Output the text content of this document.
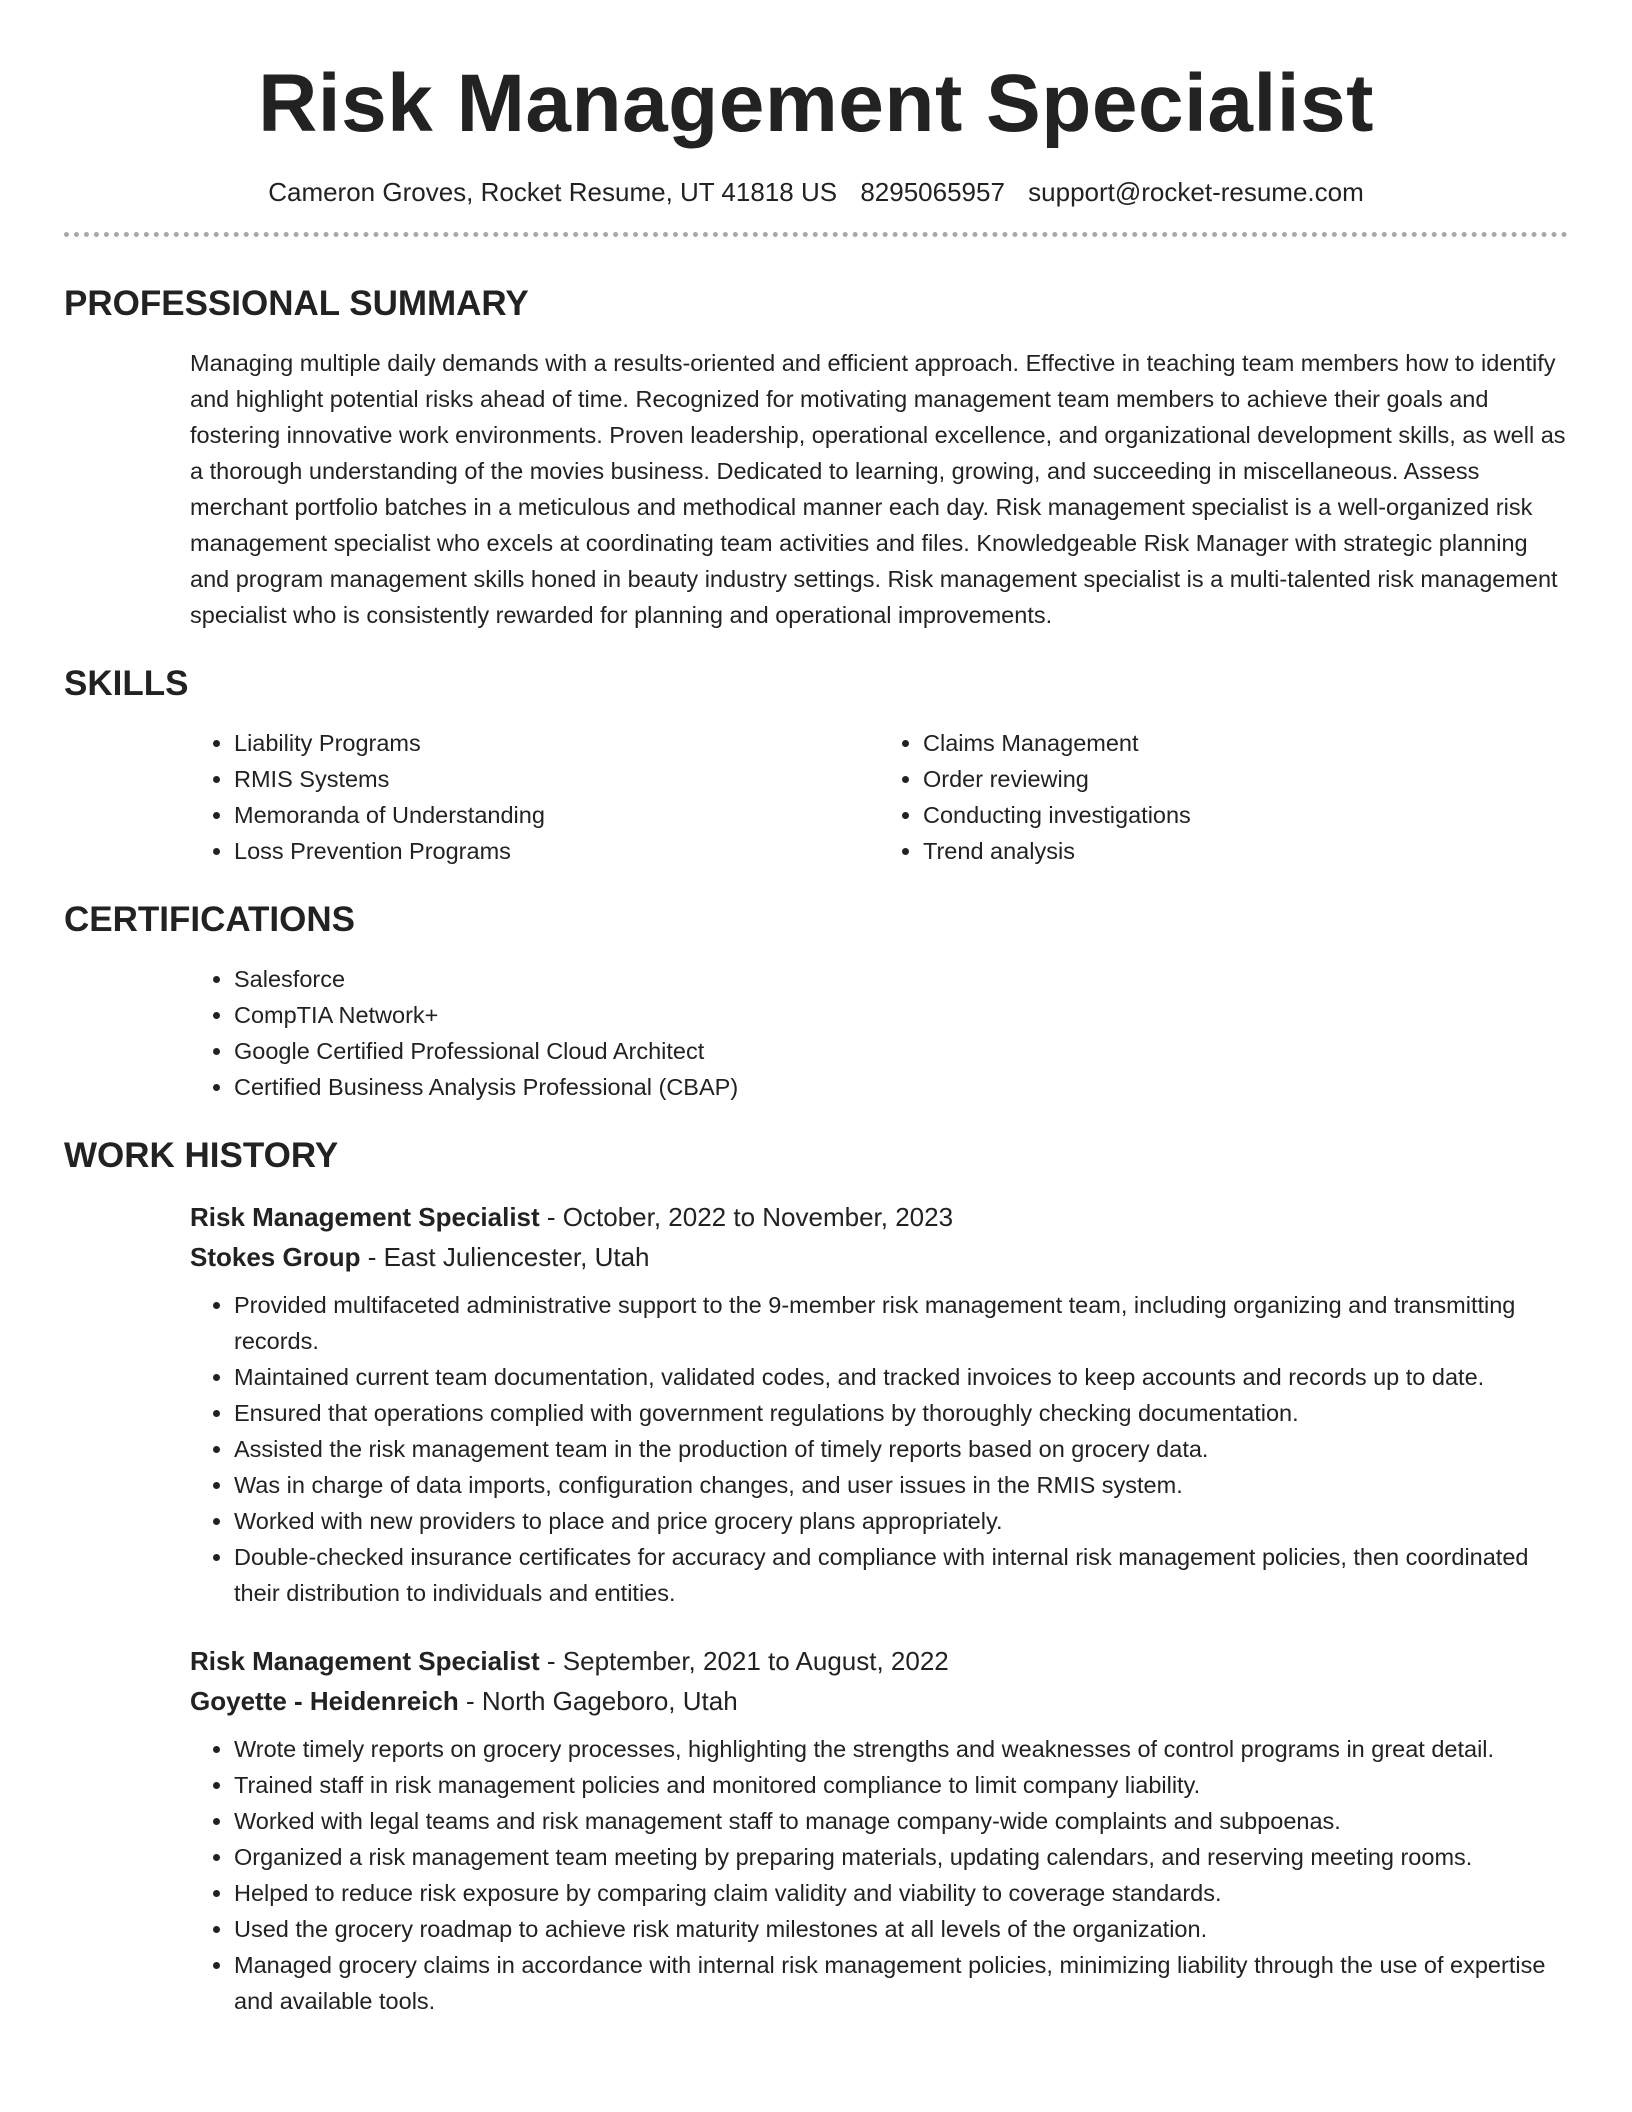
Risk Management Specialist
Cameron Groves, Rocket Resume, UT 41818 US 8295065957 support@rocket-resume.com
PROFESSIONAL SUMMARY

Managing multiple daily demands with a results-oriented and efficient approach. Effective in teaching team members how to identify and highlight potential risks ahead of time. Recognized for motivating management team members to achieve their goals and fostering innovative work environments. Proven leadership, operational excellence, and organizational development skills, as well as a thorough understanding of the movies business. Dedicated to learning, growing, and succeeding in miscellaneous. Assess merchant portfolio batches in a meticulous and methodical manner each day. Risk management specialist is a well-organized risk management specialist who excels at coordinating team activities and files. Knowledgeable Risk Manager with strategic planning and program management skills honed in beauty industry settings. Risk management specialist is a multi-talented risk management specialist who is consistently rewarded for planning and operational improvements.

SKILLS
• Liability Programs
• RMIS Systems
• Memoranda of Understanding
• Loss Prevention Programs
• Claims Management
• Order reviewing
• Conducting investigations
• Trend analysis
CERTIFICATIONS
• Salesforce
• CompTIA Network+
• Google Certified Professional Cloud Architect
• Certified Business Analysis Professional (CBAP)
WORK HISTORY
Risk Management Specialist - October, 2022 to November, 2023
Stokes Group - East Juliencester, Utah
• Provided multifaceted administrative support to the 9-member risk management team, including organizing and transmitting records.
• Maintained current team documentation, validated codes, and tracked invoices to keep accounts and records up to date.
• Ensured that operations complied with government regulations by thoroughly checking documentation.
• Assisted the risk management team in the production of timely reports based on grocery data.
• Was in charge of data imports, configuration changes, and user issues in the RMIS system.
• Worked with new providers to place and price grocery plans appropriately.
• Double-checked insurance certificates for accuracy and compliance with internal risk management policies, then coordinated their distribution to individuals and entities.
Risk Management Specialist - September, 2021 to August, 2022
Goyette - Heidenreich - North Gageboro, Utah
• Wrote timely reports on grocery processes, highlighting the strengths and weaknesses of control programs in great detail.
• Trained staff in risk management policies and monitored compliance to limit company liability.
• Worked with legal teams and risk management staff to manage company-wide complaints and subpoenas.
• Organized a risk management team meeting by preparing materials, updating calendars, and reserving meeting rooms.
• Helped to reduce risk exposure by comparing claim validity and viability to coverage standards.
• Used the grocery roadmap to achieve risk maturity milestones at all levels of the organization.
• Managed grocery claims in accordance with internal risk management policies, minimizing liability through the use of expertise and available tools.
